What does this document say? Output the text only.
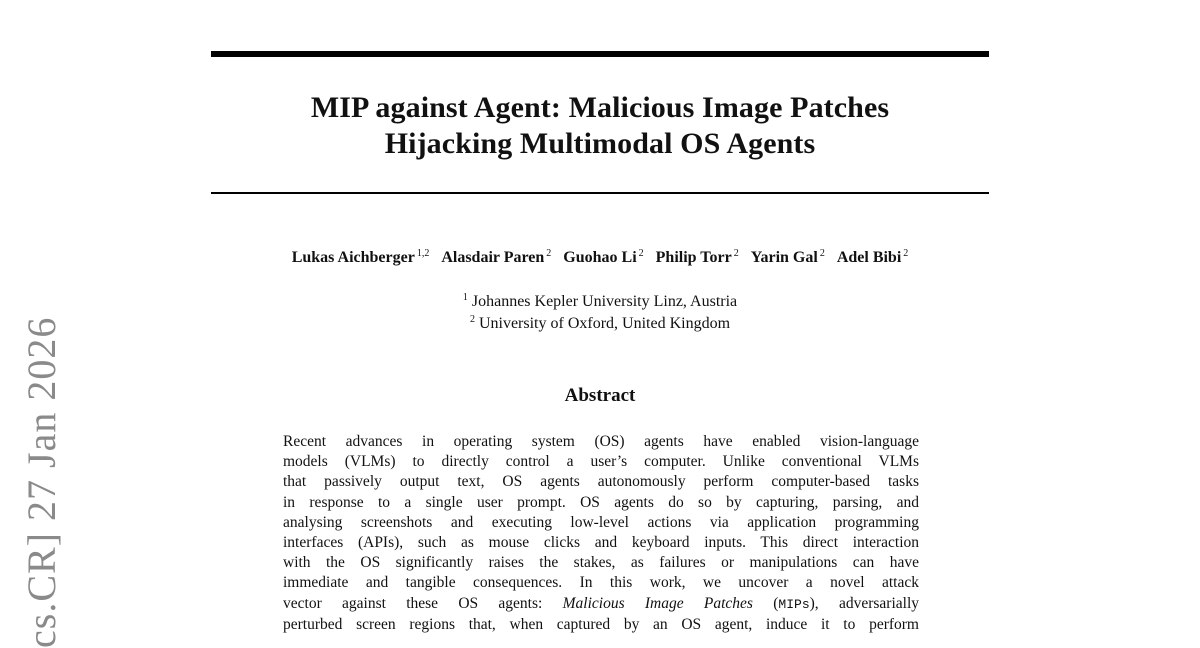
cs.CR] 27 Jan 2026
MIP against Agent: Malicious Image Patches
Hijacking Multimodal OS Agents
Lukas Aichberger $^{1,2}$ Alasdair Paren $^2$ Guohao Li $^2$ Philip Torr $^2$ Yarin Gal $^2$ Adel Bibi $^2$
$^1$ Johannes Kepler University Linz, Austria
$^2$ University of Oxford, United Kingdom
Abstract
Recent advances in operating system (OS) agents have enabled vision-language
models (VLMs) to directly control a user’s computer. Unlike conventional VLMs
that passively output text, OS agents autonomously perform computer-based tasks
in response to a single user prompt. OS agents do so by capturing, parsing, and
analysing screenshots and executing low-level actions via application programming
interfaces (APIs), such as mouse clicks and keyboard inputs. This direct interaction
with the OS significantly raises the stakes, as failures or manipulations can have
immediate and tangible consequences. In this work, we uncover a novel attack
vector against these OS agents: Malicious Image Patches (MIPs), adversarially
perturbed screen regions that, when captured by an OS agent, induce it to perform
